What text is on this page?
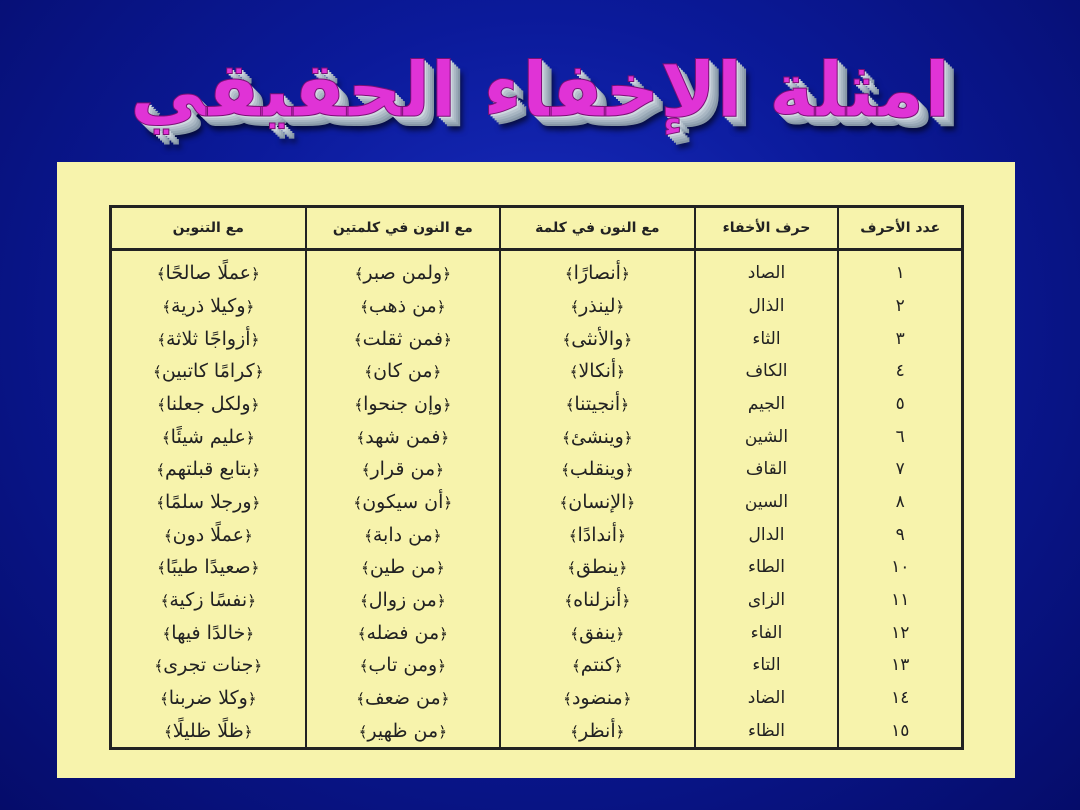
امثلة الإخفاء الحقيقي
عدد الأحرف	حرف الأخفاء	مع النون في كلمة	مع النون في كلمتين	مع التنوين
١	الصاد	﴿أنصارًا﴾	﴿ولمن صبر﴾	﴿عملًا صالحًا﴾
٢	الذال	﴿لينذر﴾	﴿من ذهب﴾	﴿وكيلا ذرية﴾
٣	الثاء	﴿والأنثى﴾	﴿فمن ثقلت﴾	﴿أزواجًا ثلاثة﴾
٤	الكاف	﴿أنكالا﴾	﴿من كان﴾	﴿كرامًا كاتبين﴾
٥	الجيم	﴿أنجيتنا﴾	﴿وإن جنحوا﴾	﴿ولكل جعلنا﴾
٦	الشين	﴿وينشئ﴾	﴿فمن شهد﴾	﴿عليم شيئًا﴾
٧	القاف	﴿وينقلب﴾	﴿من قرار﴾	﴿بتابع قبلتهم﴾
٨	السين	﴿الإنسان﴾	﴿أن سيكون﴾	﴿ورجلا سلمًا﴾
٩	الدال	﴿أندادًا﴾	﴿من دابة﴾	﴿عملًا دون﴾
١٠	الطاء	﴿ينطق﴾	﴿من طين﴾	﴿صعيدًا طيبًا﴾
١١	الزاى	﴿أنزلناه﴾	﴿من زوال﴾	﴿نفسًا زكية﴾
١٢	الفاء	﴿ينفق﴾	﴿من فضله﴾	﴿خالدًا فيها﴾
١٣	التاء	﴿كنتم﴾	﴿ومن تاب﴾	﴿جنات تجرى﴾
١٤	الضاد	﴿منضود﴾	﴿من ضعف﴾	﴿وكلا ضربنا﴾
١٥	الظاء	﴿أنظر﴾	﴿من ظهير﴾	﴿ظلًا ظليلًا﴾
